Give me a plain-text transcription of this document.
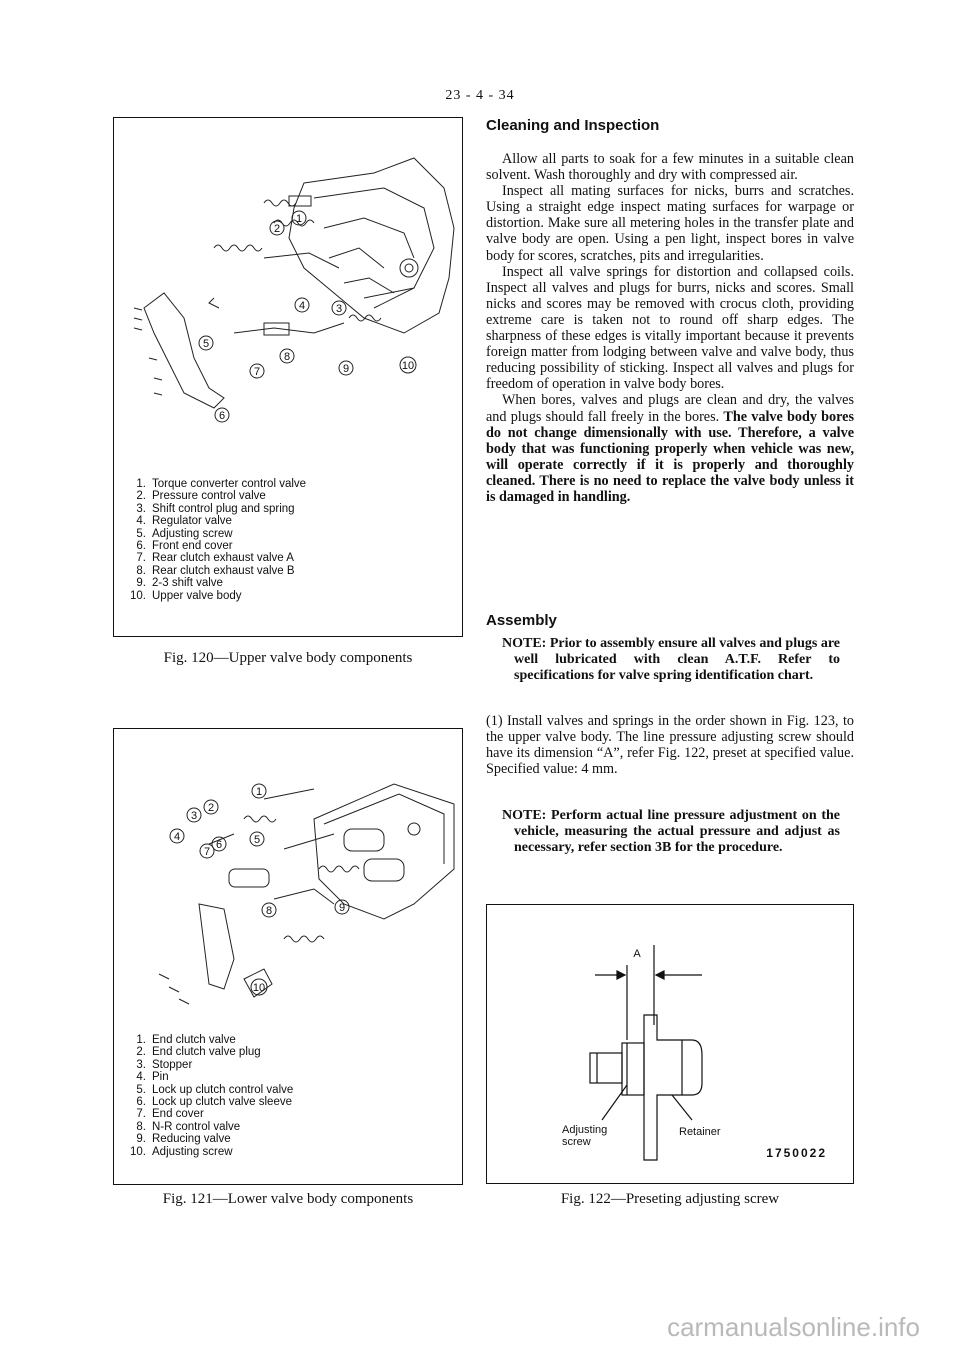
23 - 4 - 34
1
2
3
4
5
6
7
8
9	10
1. Torque converter control valve
2. Pressure control valve
3. Shift control plug and spring
4. Regulator valve
5. Adjusting screw
6. Front end cover
7. Rear clutch exhaust valve A
8. Rear clutch exhaust valve B
9. 2-3 shift valve
10. Upper valve body
Fig. 120—Upper valve body components
1
2
3
4	5
6
7
8	9
10
1. End clutch valve
2. End clutch valve plug
3. Stopper
4. Pin
5. Lock up clutch control valve
6. Lock up clutch valve sleeve
7. End cover
8. N-R control valve
9. Reducing valve
10. Adjusting screw
Fig. 121—Lower valve body components
Cleaning and Inspection

Allow all parts to soak for a few minutes in a suitable clean solvent. Wash thoroughly and dry with compressed air.

Inspect all mating surfaces for nicks, burrs and scratches. Using a straight edge inspect mating surfaces for warpage or distortion. Make sure all metering holes in the transfer plate and valve body are open. Using a pen light, inspect bores in valve body for scores, scratches, pits and irregularities.

Inspect all valve springs for distortion and collapsed coils. Inspect all valves and plugs for burrs, nicks and scores. Small nicks and scores may be removed with crocus cloth, providing extreme care is taken not to round off sharp edges. The sharpness of these edges is vitally important because it prevents foreign matter from lodging between valve and valve body, thus reducing possibility of sticking. Inspect all valves and plugs for freedom of operation in valve body bores.

When bores, valves and plugs are clean and dry, the valves and plugs should fall freely in the bores. The valve body bores do not change dimensionally with use. Therefore, a valve body that was functioning properly when vehicle was new, will operate correctly if it is properly and thoroughly cleaned. There is no need to replace the valve body unless it is damaged in handling.

Assembly
NOTE: Prior to assembly ensure all valves and plugs are well lubricated with clean A.T.F. Refer to specifications for valve spring identification chart.
(1) Install valves and springs in the order shown in Fig. 123, to the upper valve body. The line pressure adjusting screw should have its dimension “A”, refer Fig. 122, preset at specified value. Specified value: 4 mm.
NOTE: Perform actual line pressure adjustment on the vehicle, measuring the actual pressure and adjust as necessary, refer section 3B for the procedure.
A
Adjusting
screw
Retainer
1750022
Fig. 122—Preseting adjusting screw
carmanualsonline.info
